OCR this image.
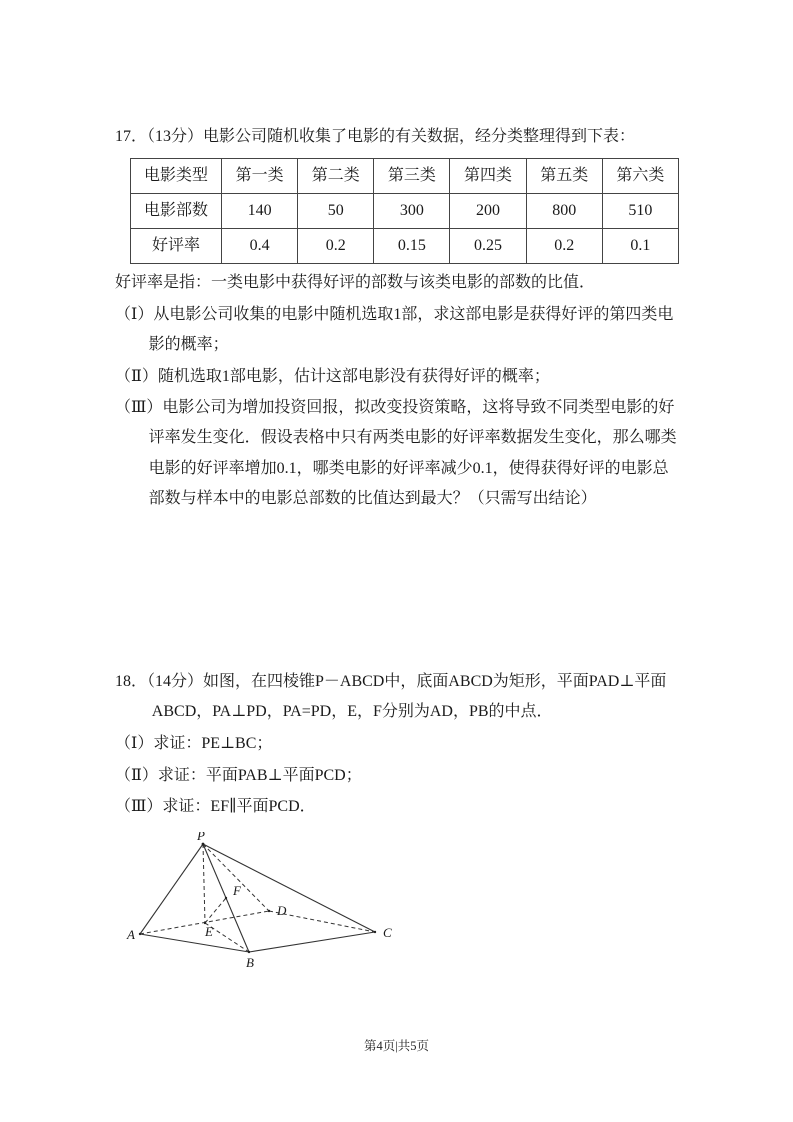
17．（13分）电影公司随机收集了电影的有关数据，经分类整理得到下表：

电影类型	第一类	第二类	第三类	第四类	第五类	第六类
电影部数	140	50	300	200	800	510
好评率	0.4	0.2	0.15	0.25	0.2	0.1

好评率是指：一类电影中获得好评的部数与该类电影的部数的比值．

（Ⅰ）从电影公司收集的电影中随机选取1部，求这部电影是获得好评的第四类电影的概率；

（Ⅱ）随机选取1部电影，估计这部电影没有获得好评的概率；

（Ⅲ）电影公司为增加投资回报，拟改变投资策略，这将导致不同类型电影的好评率发生变化．假设表格中只有两类电影的好评率数据发生变化，那么哪类电影的好评率增加0.1，哪类电影的好评率减少0.1，使得获得好评的电影总部数与样本中的电影总部数的比值达到最大？（只需写出结论）

18．（14分）如图，在四棱锥P－ABCD中，底面ABCD为矩形，平面PAD⊥平面ABCD，PA⊥PD，PA=PD，E，F分别为AD，PB的中点．

（Ⅰ）求证：PE⊥BC；

（Ⅱ）求证：平面PAB⊥平面PCD；

（Ⅲ）求证：EF∥平面PCD．

P
A
B
C
D
E
F
第4页|共5页
